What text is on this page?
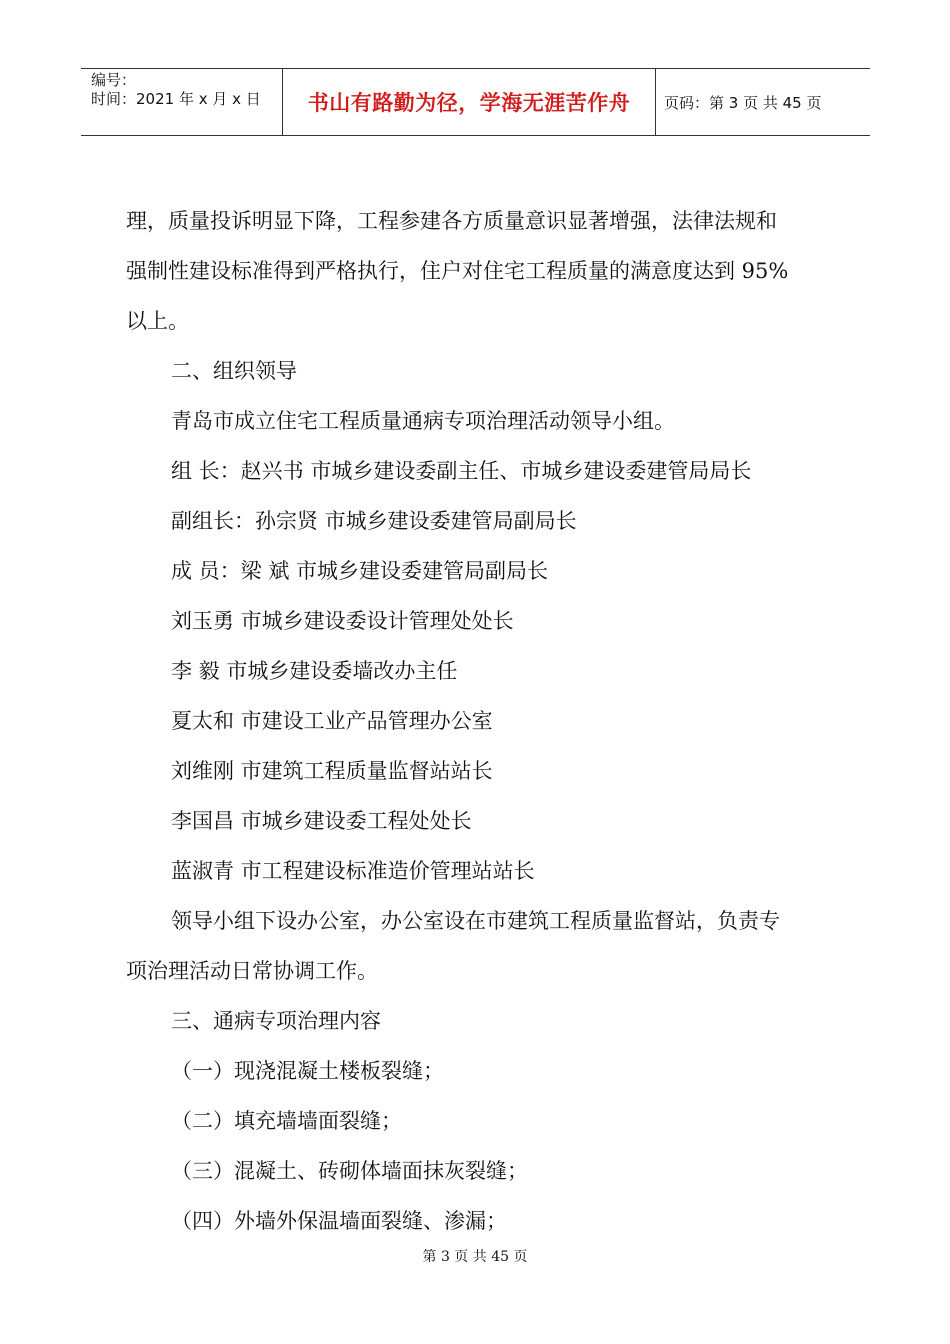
编号：
时间：2021 年 x 月 x 日	书山有路勤为径，学海无涯苦作舟	页码：第 3 页 共 45 页

理，质量投诉明显下降，工程参建各方质量意识显著增强，法律法规和

强制性建设标准得到严格执行，住户对住宅工程质量的满意度达到 95%

以上。

二、组织领导

青岛市成立住宅工程质量通病专项治理活动领导小组。

组 长：赵兴书 市城乡建设委副主任、市城乡建设委建管局局长

副组长：孙宗贤 市城乡建设委建管局副局长

成 员：梁 斌 市城乡建设委建管局副局长

刘玉勇 市城乡建设委设计管理处处长

李 毅 市城乡建设委墙改办主任

夏太和 市建设工业产品管理办公室

刘维刚 市建筑工程质量监督站站长

李国昌 市城乡建设委工程处处长

蓝淑青 市工程建设标准造价管理站站长

领导小组下设办公室，办公室设在市建筑工程质量监督站，负责专

项治理活动日常协调工作。

三、通病专项治理内容

（一）现浇混凝土楼板裂缝；

（二）填充墙墙面裂缝；

（三）混凝土、砖砌体墙面抹灰裂缝；

（四）外墙外保温墙面裂缝、渗漏；

第 3 页 共 45 页
